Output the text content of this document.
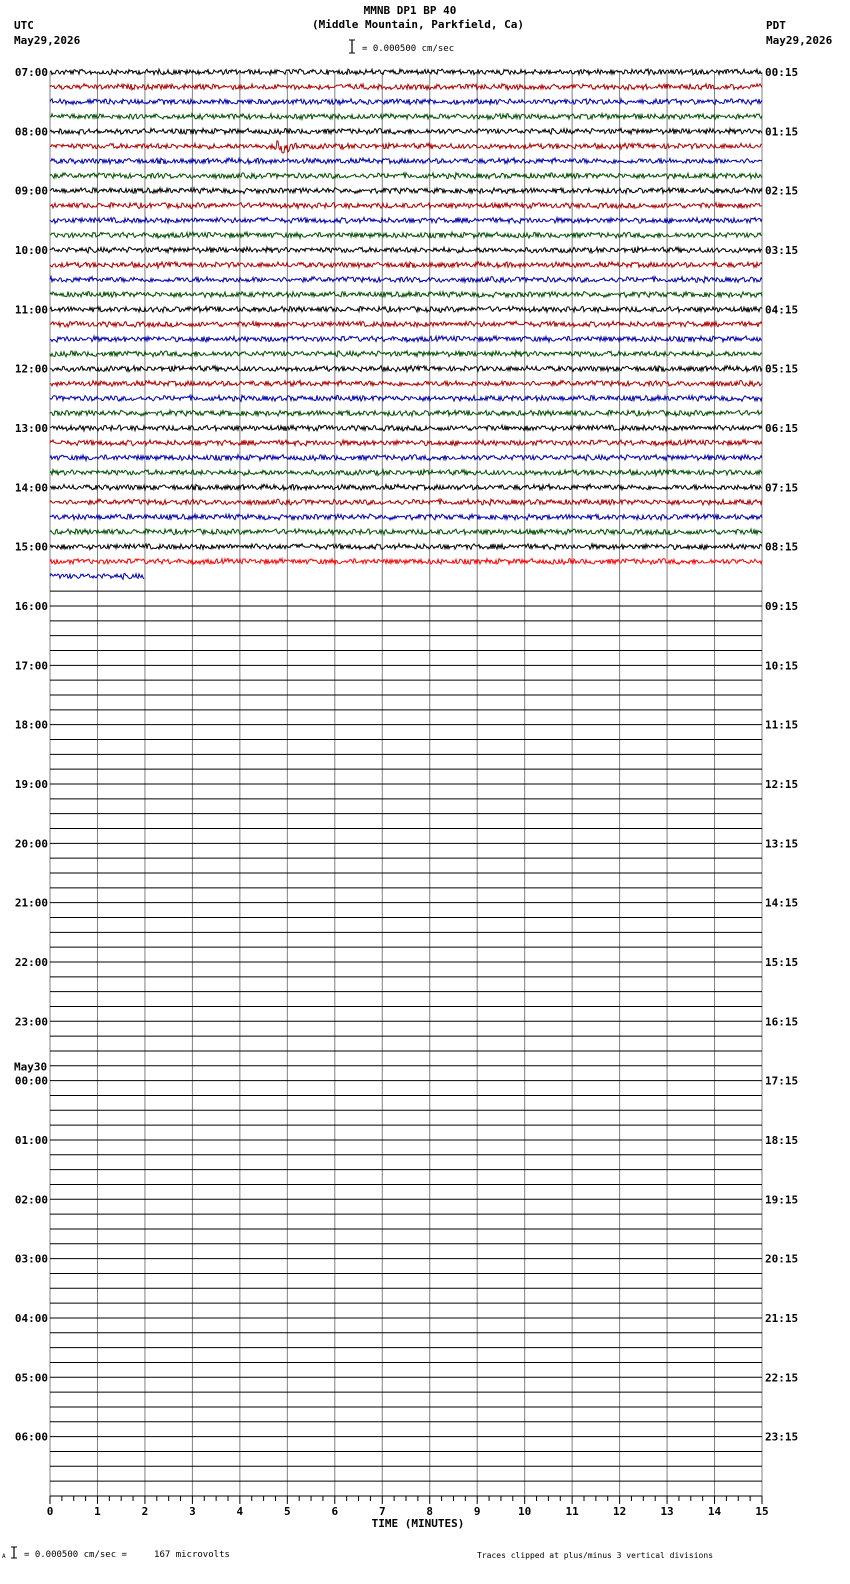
MMNB DP1 BP 40
(Middle Mountain, Parkfield, Ca)
UTC
May29,2026
PDT
May29,2026
= 0.000500 cm/sec
A = 0.000500 cm/sec =     167 microvolts	Traces clipped at plus/minus 3 vertical divisions
07:00
08:00
09:00
10:00
11:00
12:00
13:00
14:00
15:00
16:00
17:00
18:00
19:00
20:00
21:00
22:00
23:00
00:00
May30
01:00
02:00
03:00
04:00
05:00
06:00
00:15
01:15
02:15
03:15
04:15
05:15
06:15
07:15
08:15
09:15
10:15
11:15
12:15
13:15
14:15
15:15
16:15
17:15
18:15
19:15
20:15
21:15
22:15
23:15
0	1	2	3	4	5	6	7	8	9	10	11	12	13	14	15
TIME (MINUTES)
